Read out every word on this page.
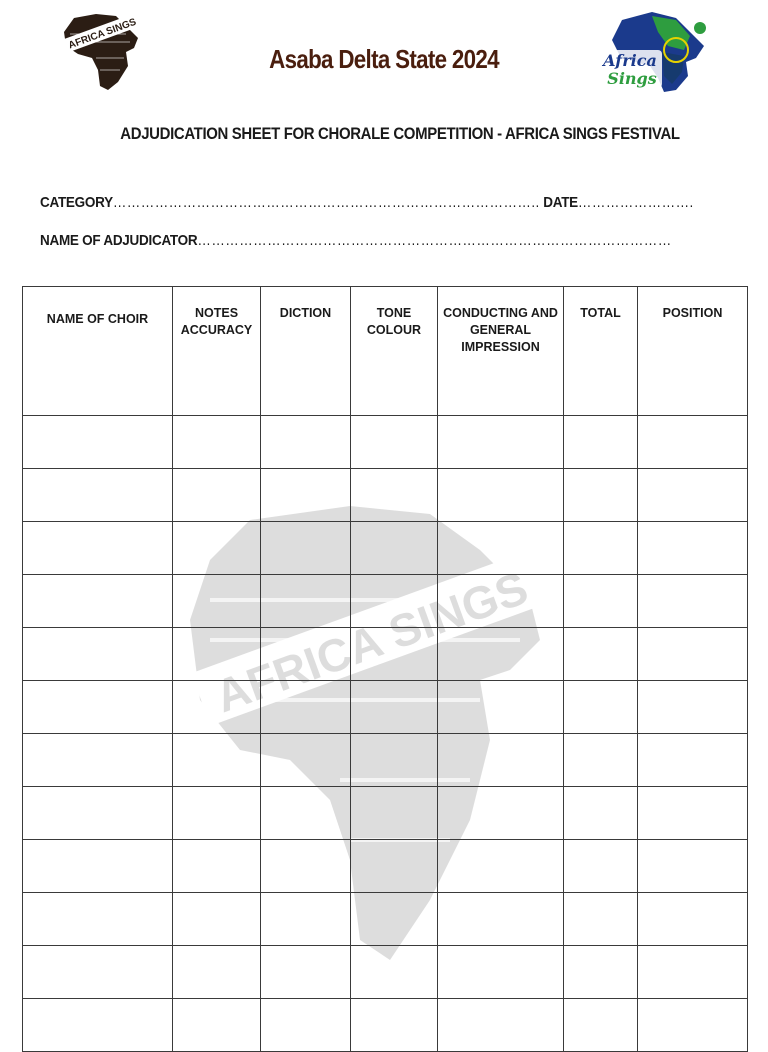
AFRICA SINGS
Africa
Sings
Asaba Delta State 2024
ADJUDICATION SHEET FOR CHORALE COMPETITION - AFRICA SINGS FESTIVAL
CATEGORY……………………………………………………………………………….. DATE…………………….
NAME OF ADJUDICATOR…………………………………………………………………………………………
AFRICA SINGS
NAME OF CHOIR	NOTES ACCURACY	DICTION	TONE COLOUR	CONDUCTING AND GENERAL IMPRESSION	TOTAL	POSITION
